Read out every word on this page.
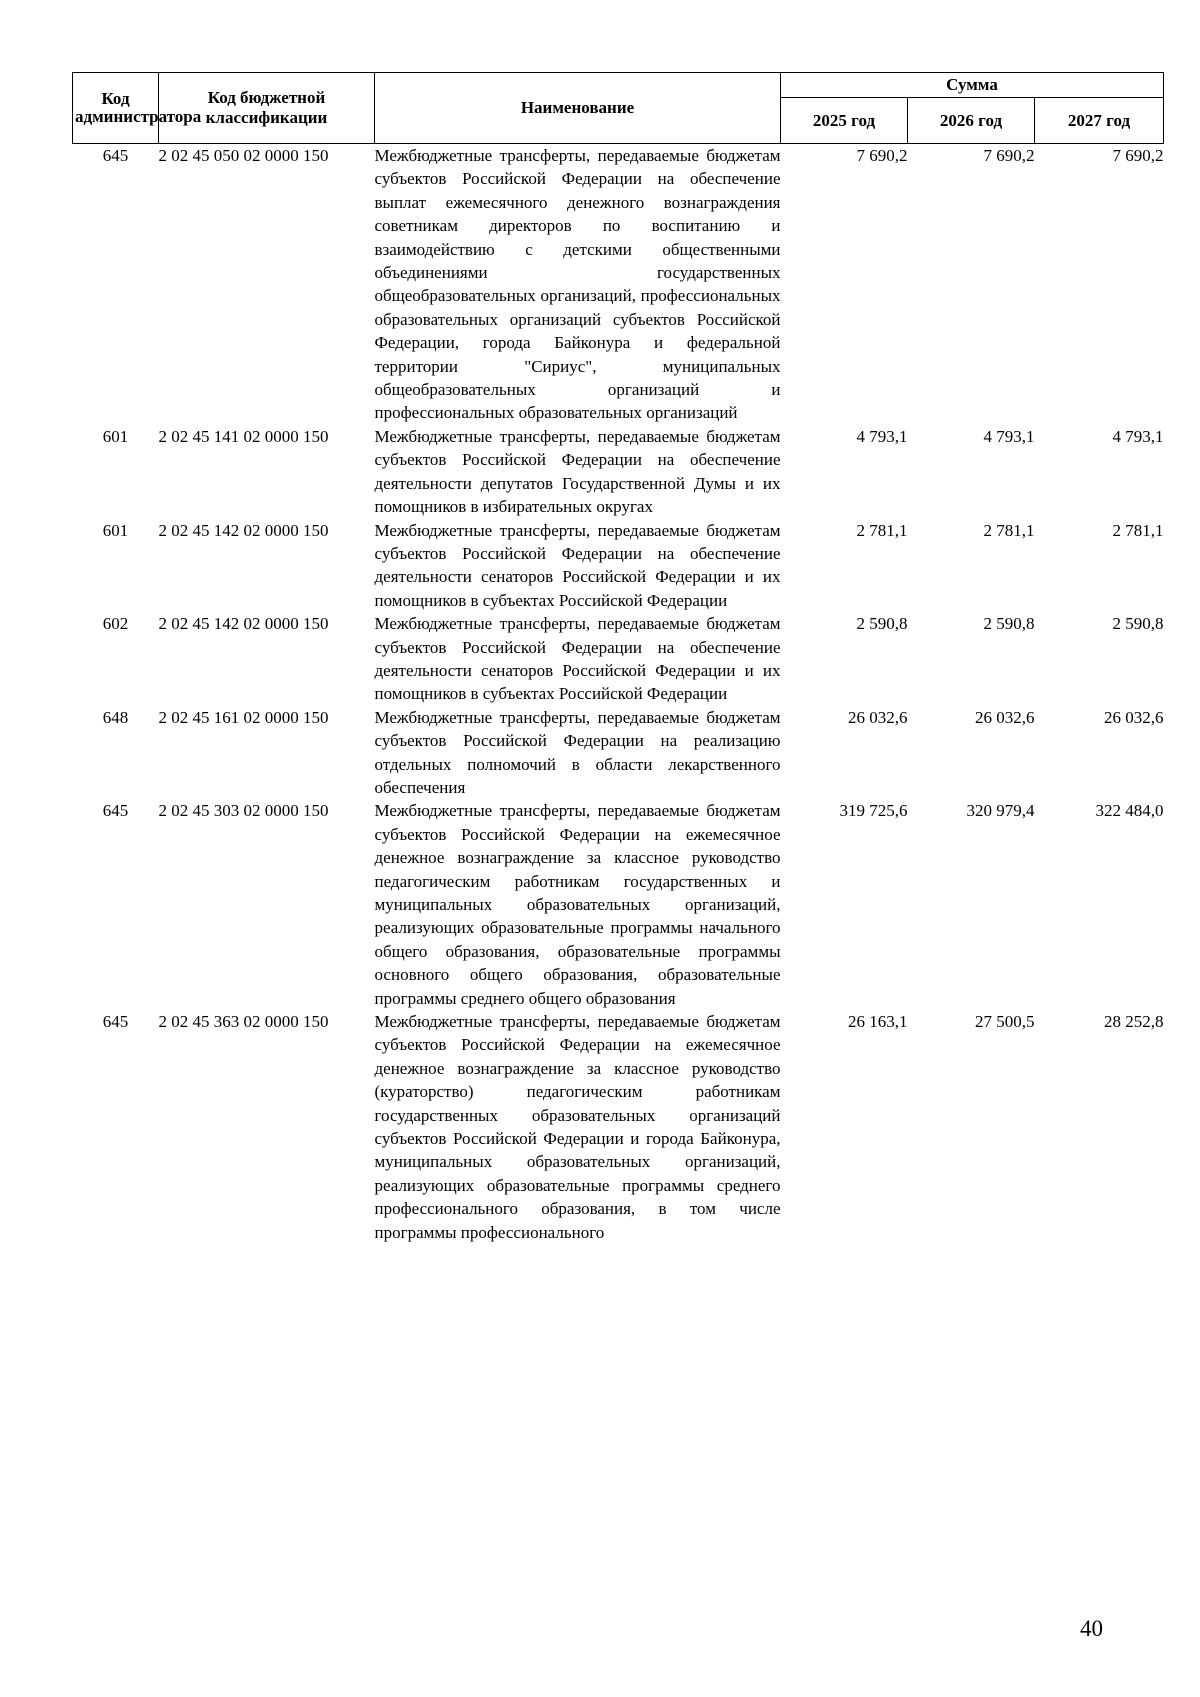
Код администратора	Код бюджетной классификации	Наименование	Сумма		
			2025 год	2026 год	2027 год
645	2 02 45 050 02 0000 150	Межбюджетные трансферты, передаваемые бюджетам субъектов Российской Федерации на обеспечение выплат ежемесячного денежного вознаграждения советникам директоров по воспитанию и взаимодействию с детскими общественными объединениями государственных общеобразовательных организаций, профессиональных образовательных организаций субъектов Российской Федерации, города Байконура и федеральной территории "Сириус", муниципальных общеобразовательных организаций и профессиональных образовательных организаций	7 690,2	7 690,2	7 690,2
601	2 02 45 141 02 0000 150	Межбюджетные трансферты, передаваемые бюджетам субъектов Российской Федерации на обеспечение деятельности депутатов Государственной Думы и их помощников в избирательных округах	4 793,1	4 793,1	4 793,1
601	2 02 45 142 02 0000 150	Межбюджетные трансферты, передаваемые бюджетам субъектов Российской Федерации на обеспечение деятельности сенаторов Российской Федерации и их помощников в субъектах Российской Федерации	2 781,1	2 781,1	2 781,1
602	2 02 45 142 02 0000 150	Межбюджетные трансферты, передаваемые бюджетам субъектов Российской Федерации на обеспечение деятельности сенаторов Российской Федерации и их помощников в субъектах Российской Федерации	2 590,8	2 590,8	2 590,8
648	2 02 45 161 02 0000 150	Межбюджетные трансферты, передаваемые бюджетам субъектов Российской Федерации на реализацию отдельных полномочий в области лекарственного обеспечения	26 032,6	26 032,6	26 032,6
645	2 02 45 303 02 0000 150	Межбюджетные трансферты, передаваемые бюджетам субъектов Российской Федерации на ежемесячное денежное вознаграждение за классное руководство педагогическим работникам государственных и муниципальных образовательных организаций, реализующих образовательные программы начального общего образования, образовательные программы основного общего образования, образовательные программы среднего общего образования	319 725,6	320 979,4	322 484,0
645	2 02 45 363 02 0000 150	Межбюджетные трансферты, передаваемые бюджетам субъектов Российской Федерации на ежемесячное денежное вознаграждение за классное руководство (кураторство) педагогическим работникам государственных образовательных организаций субъектов Российской Федерации и города Байконура, муниципальных образовательных организаций, реализующих образовательные программы среднего профессионального образования, в том числе программы профессионального	26 163,1	27 500,5	28 252,8
40
